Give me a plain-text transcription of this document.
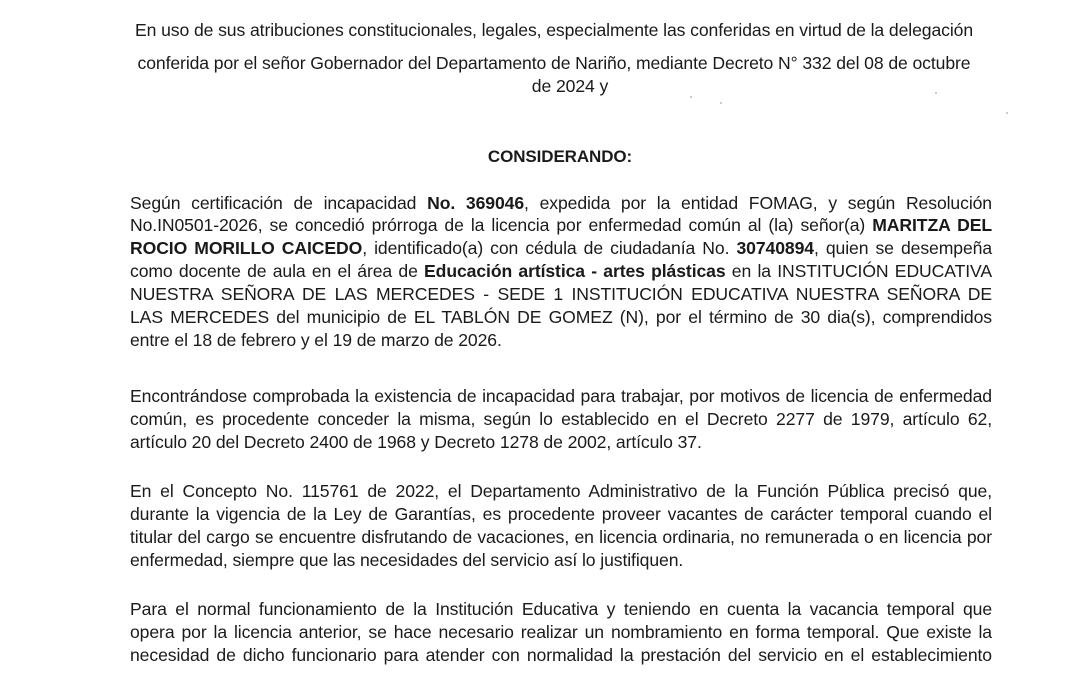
En uso de sus atribuciones constitucionales, legales, especialmente las conferidas en virtud de la delegación
conferida por el señor Gobernador del Departamento de Nariño, mediante Decreto N° 332 del 08 de octubre
de 2024 y
CONSIDERANDO:
Según certificación de incapacidad No. 369046, expedida por la entidad FOMAG, y según Resolución
No.IN0501-2026, se concedió prórroga de la licencia por enfermedad común al (la) señor(a) MARITZA DEL
ROCIO MORILLO CAICEDO, identificado(a) con cédula de ciudadanía No. 30740894, quien se desempeña
como docente de aula en el área de Educación artística - artes plásticas en la INSTITUCIÓN EDUCATIVA
NUESTRA SEÑORA DE LAS MERCEDES - SEDE 1 INSTITUCIÓN EDUCATIVA NUESTRA SEÑORA DE
LAS MERCEDES del municipio de EL TABLÓN DE GOMEZ (N), por el término de 30 dia(s), comprendidos
entre el 18 de febrero y el 19 de marzo de 2026.
Encontrándose comprobada la existencia de incapacidad para trabajar, por motivos de licencia de enfermedad
común, es procedente conceder la misma, según lo establecido en el Decreto 2277 de 1979, artículo 62,
artículo 20 del Decreto 2400 de 1968 y Decreto 1278 de 2002, artículo 37.
En el Concepto No. 115761 de 2022, el Departamento Administrativo de la Función Pública precisó que,
durante la vigencia de la Ley de Garantías, es procedente proveer vacantes de carácter temporal cuando el
titular del cargo se encuentre disfrutando de vacaciones, en licencia ordinaria, no remunerada o en licencia por
enfermedad, siempre que las necesidades del servicio así lo justifiquen.
Para el normal funcionamiento de la Institución Educativa y teniendo en cuenta la vacancia temporal que
opera por la licencia anterior, se hace necesario realizar un nombramiento en forma temporal. Que existe la
necesidad de dicho funcionario para atender con normalidad la prestación del servicio en el establecimiento
